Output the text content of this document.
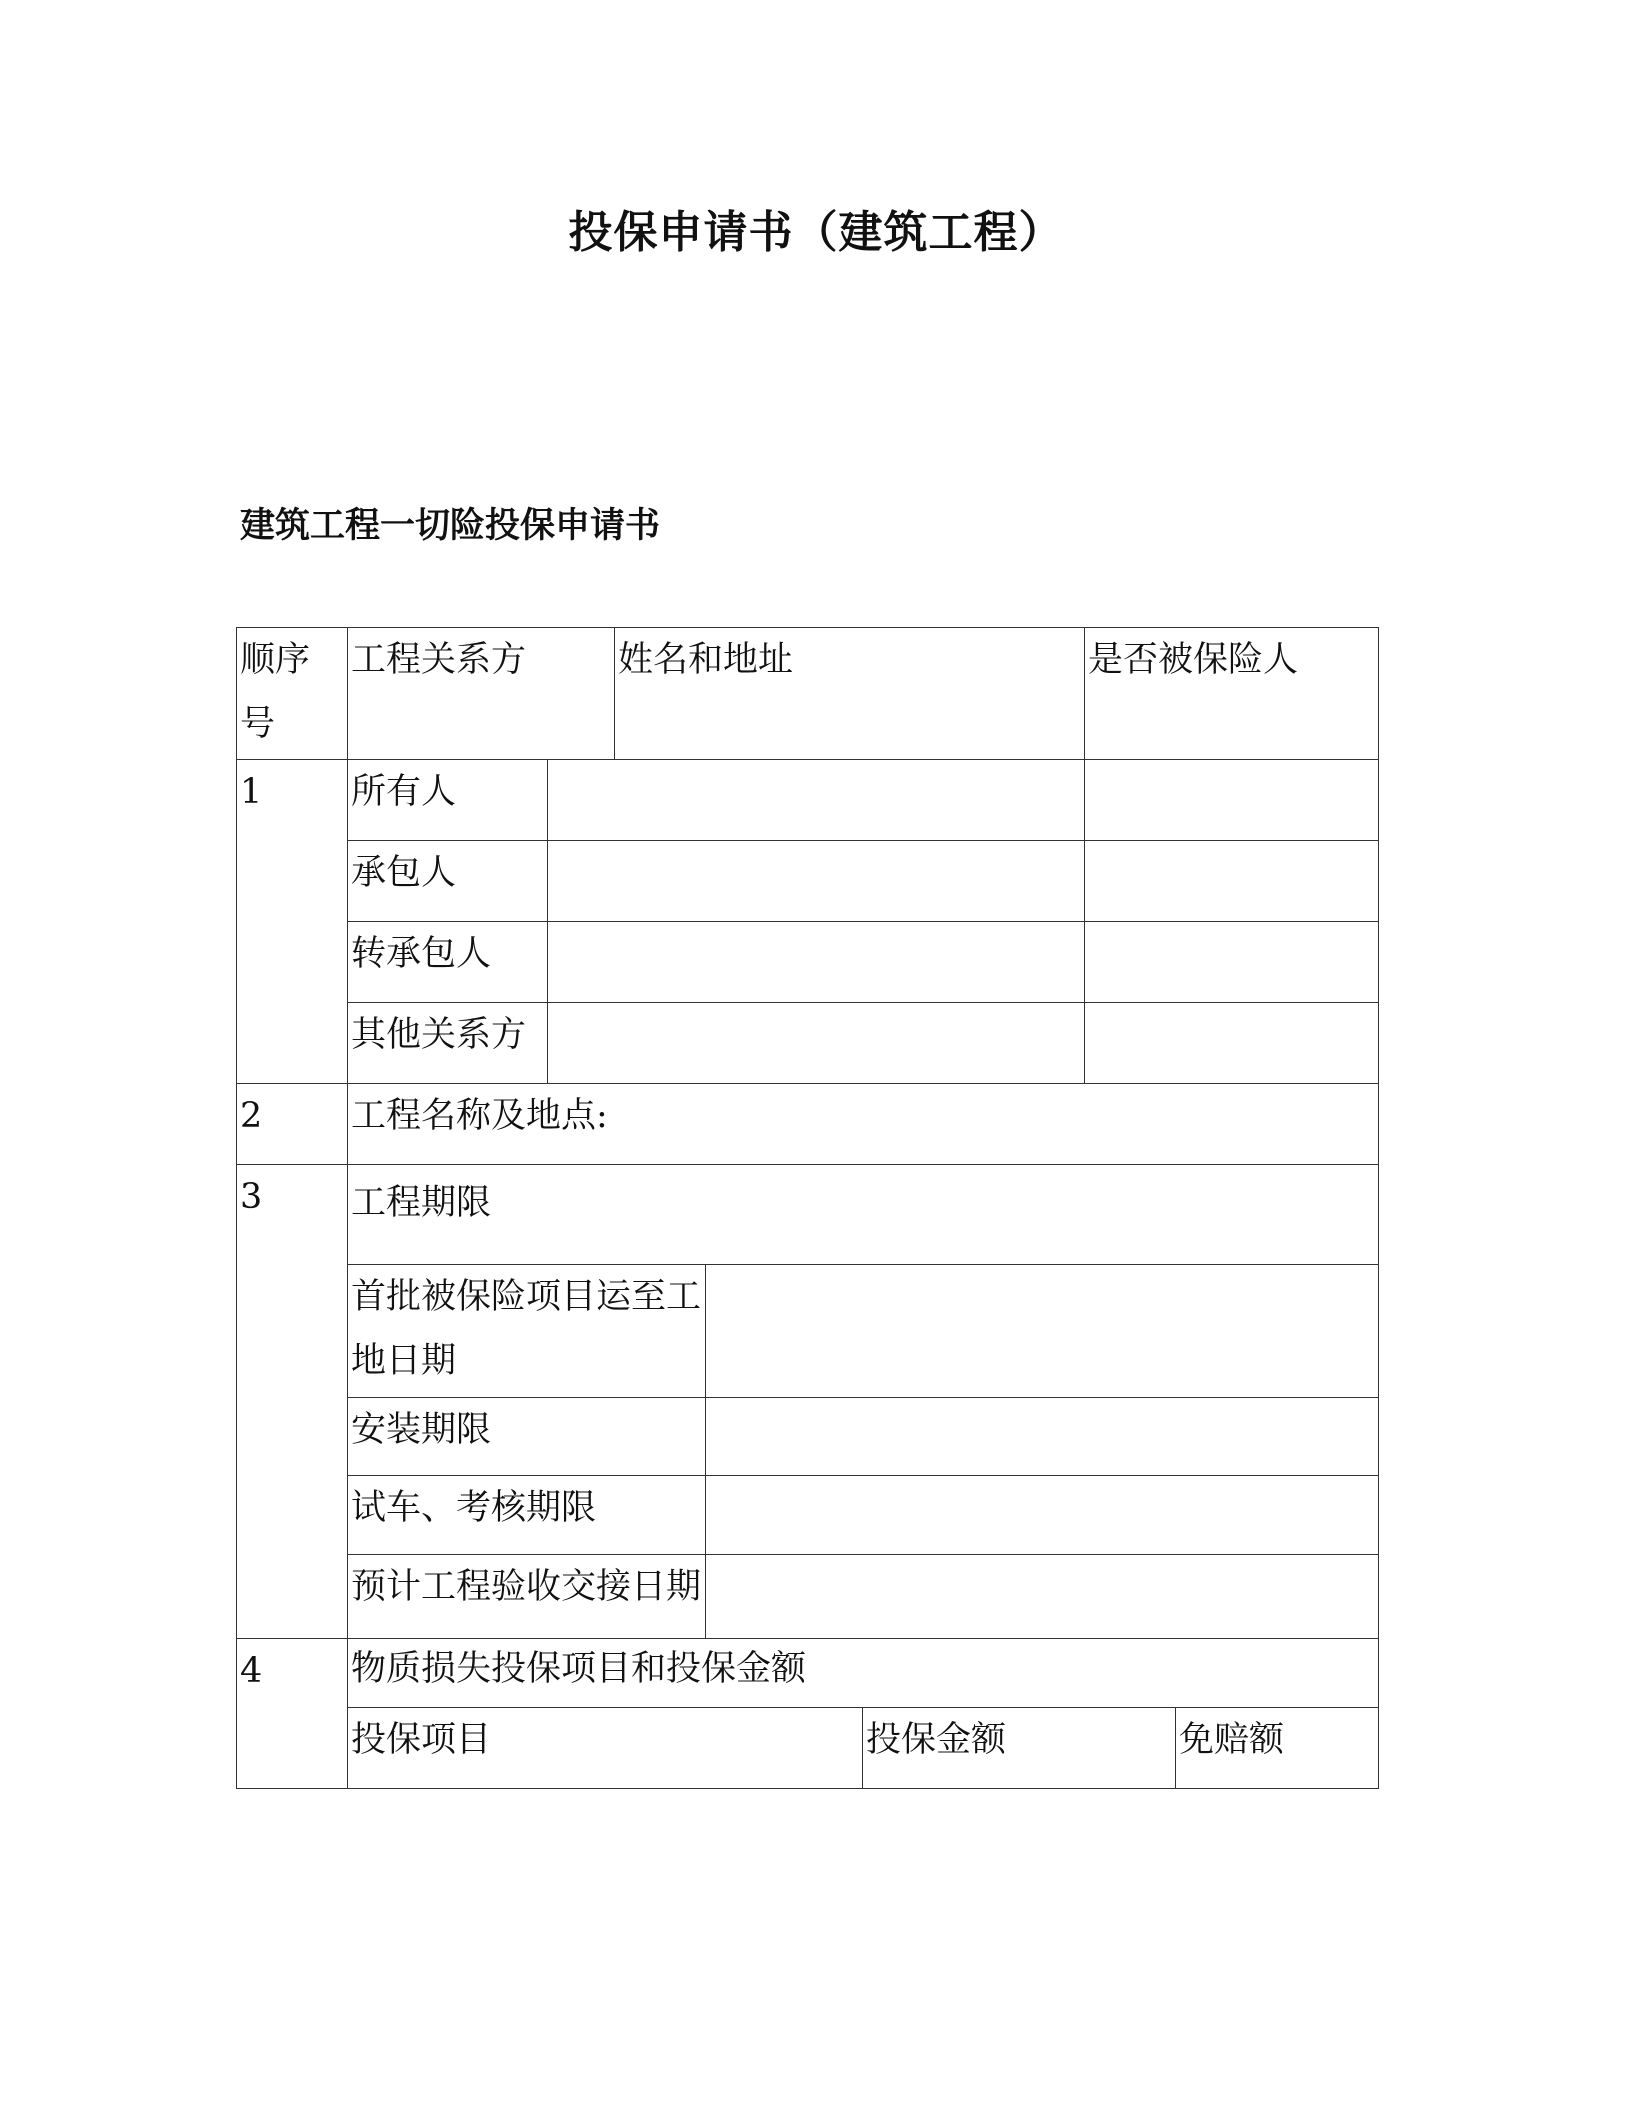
投保申请书（建筑工程）
建筑工程一切险投保申请书
顺序号	工程关系方		姓名和地址			是否被保险人	
1	所有人		
	承包人		
	转承包人		
	其他关系方		
2	工程名称及地点:						
3	工程期限						
	首批被保险项目运至工地日期	
	安装期限	
	试车、考核期限	
	预计工程验收交接日期	
4	物质损失投保项目和投保金额						
	投保项目				投保金额		免赔额
